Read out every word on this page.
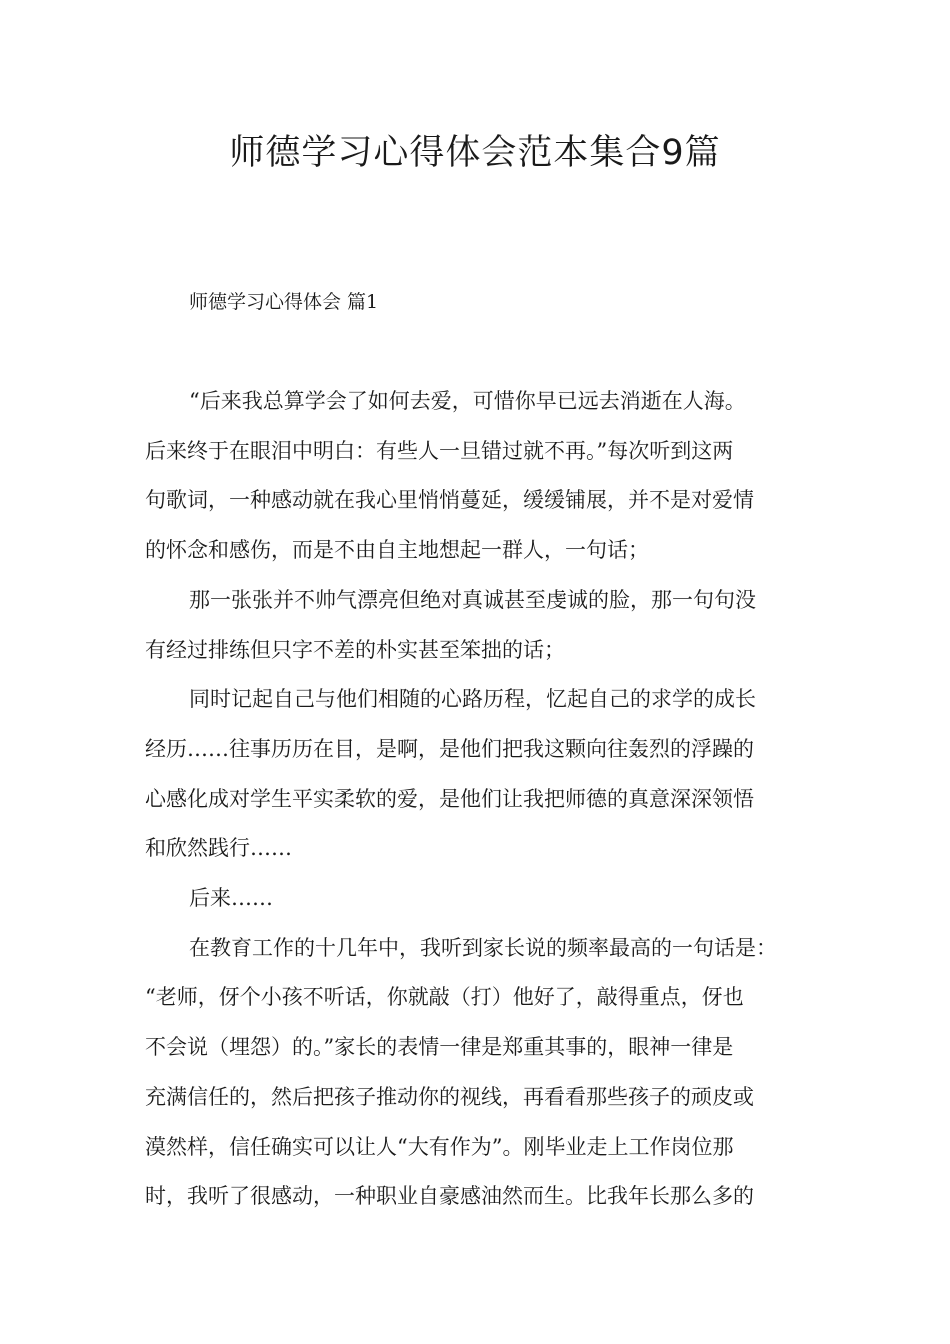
师德学习心得体会范本集合9篇
师德学习心得体会 篇1
“后来我总算学会了如何去爱，可惜你早已远去消逝在人海。
后来终于在眼泪中明白：有些人一旦错过就不再。”每次听到这两
句歌词，一种感动就在我心里悄悄蔓延，缓缓铺展，并不是对爱情
的怀念和感伤，而是不由自主地想起一群人，一句话；
那一张张并不帅气漂亮但绝对真诚甚至虔诚的脸，那一句句没
有经过排练但只字不差的朴实甚至笨拙的话；
同时记起自己与他们相随的心路历程，忆起自己的求学的成长
经历……往事历历在目，是啊，是他们把我这颗向往轰烈的浮躁的
心感化成对学生平实柔软的爱，是他们让我把师德的真意深深领悟
和欣然践行……
后来……
在教育工作的十几年中，我听到家长说的频率最高的一句话是：
“老师，伢个小孩不听话，你就敲（打）他好了，敲得重点，伢也
不会说（埋怨）的。”家长的表情一律是郑重其事的，眼神一律是
充满信任的，然后把孩子推动你的视线，再看看那些孩子的顽皮或
漠然样，信任确实可以让人“大有作为”。刚毕业走上工作岗位那
时，我听了很感动，一种职业自豪感油然而生。比我年长那么多的
